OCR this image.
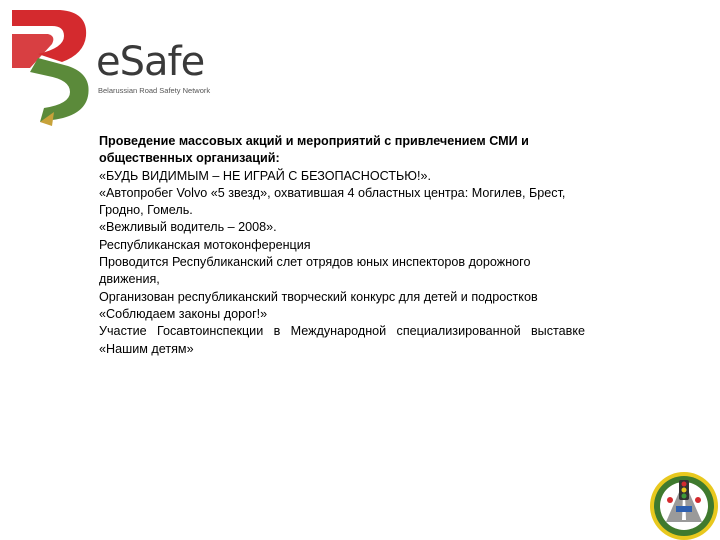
eSafe
Belarussian Road Safety Network

Проведение массовых акций и мероприятий с привлечением СМИ и общественных организаций:

«БУДЬ ВИДИМЫМ – НЕ ИГРАЙ С БЕЗОПАСНОСТЬЮ!».

«Автопробег Volvo «5 звезд», охватившая 4 областных центра: Могилев, Брест, Гродно, Гомель.

«Вежливый водитель – 2008».

Республиканская мотоконференция

Проводится Республиканский слет отрядов юных инспекторов дорожного движения,

Организован республиканский творческий конкурс для детей и подростков «Соблюдаем законы дорог!»

Участие Госавтоинспекции в Международной специализированной выставке «Нашим детям»
